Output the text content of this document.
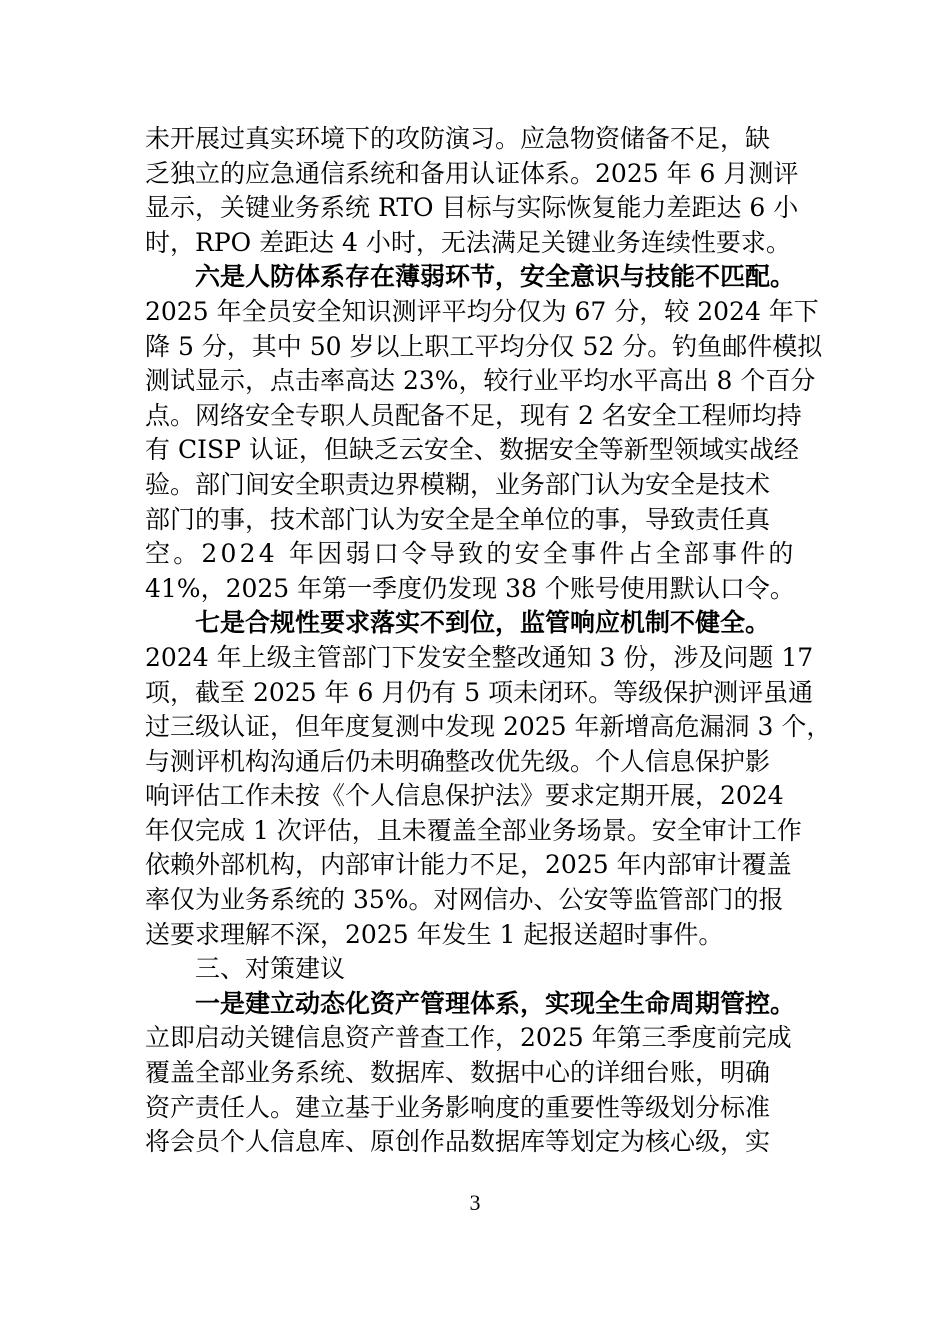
未开展过真实环境下的攻防演习。应急物资储备不足，缺
乏独立的应急通信系统和备用认证体系。2025 年 6 月测评
显示，关键业务系统 RTO 目标与实际恢复能力差距达 6 小
时，RPO 差距达 4 小时，无法满足关键业务连续性要求。
六是人防体系存在薄弱环节，安全意识与技能不匹配。
2025 年全员安全知识测评平均分仅为 67 分，较 2024 年下
降 5 分，其中 50 岁以上职工平均分仅 52 分。钓鱼邮件模拟
测试显示，点击率高达 23%，较行业平均水平高出 8 个百分
点。网络安全专职人员配备不足，现有 2 名安全工程师均持
有 CISP 认证，但缺乏云安全、数据安全等新型领域实战经
验。部门间安全职责边界模糊，业务部门认为安全是技术
部门的事，技术部门认为安全是全单位的事，导致责任真
空。2024 年因弱口令导致的安全事件占全部事件的
41%，2025 年第一季度仍发现 38 个账号使用默认口令。
七是合规性要求落实不到位，监管响应机制不健全。
2024 年上级主管部门下发安全整改通知 3 份，涉及问题 17
项，截至 2025 年 6 月仍有 5 项未闭环。等级保护测评虽通
过三级认证，但年度复测中发现 2025 年新增高危漏洞 3 个，
与测评机构沟通后仍未明确整改优先级。个人信息保护影
响评估工作未按《个人信息保护法》要求定期开展，2024
年仅完成 1 次评估，且未覆盖全部业务场景。安全审计工作
依赖外部机构，内部审计能力不足，2025 年内部审计覆盖
率仅为业务系统的 35%。对网信办、公安等监管部门的报
送要求理解不深，2025 年发生 1 起报送超时事件。
三、对策建议
一是建立动态化资产管理体系，实现全生命周期管控。
立即启动关键信息资产普查工作，2025 年第三季度前完成
覆盖全部业务系统、数据库、数据中心的详细台账，明确
资产责任人。建立基于业务影响度的重要性等级划分标准
将会员个人信息库、原创作品数据库等划定为核心级，实
3
